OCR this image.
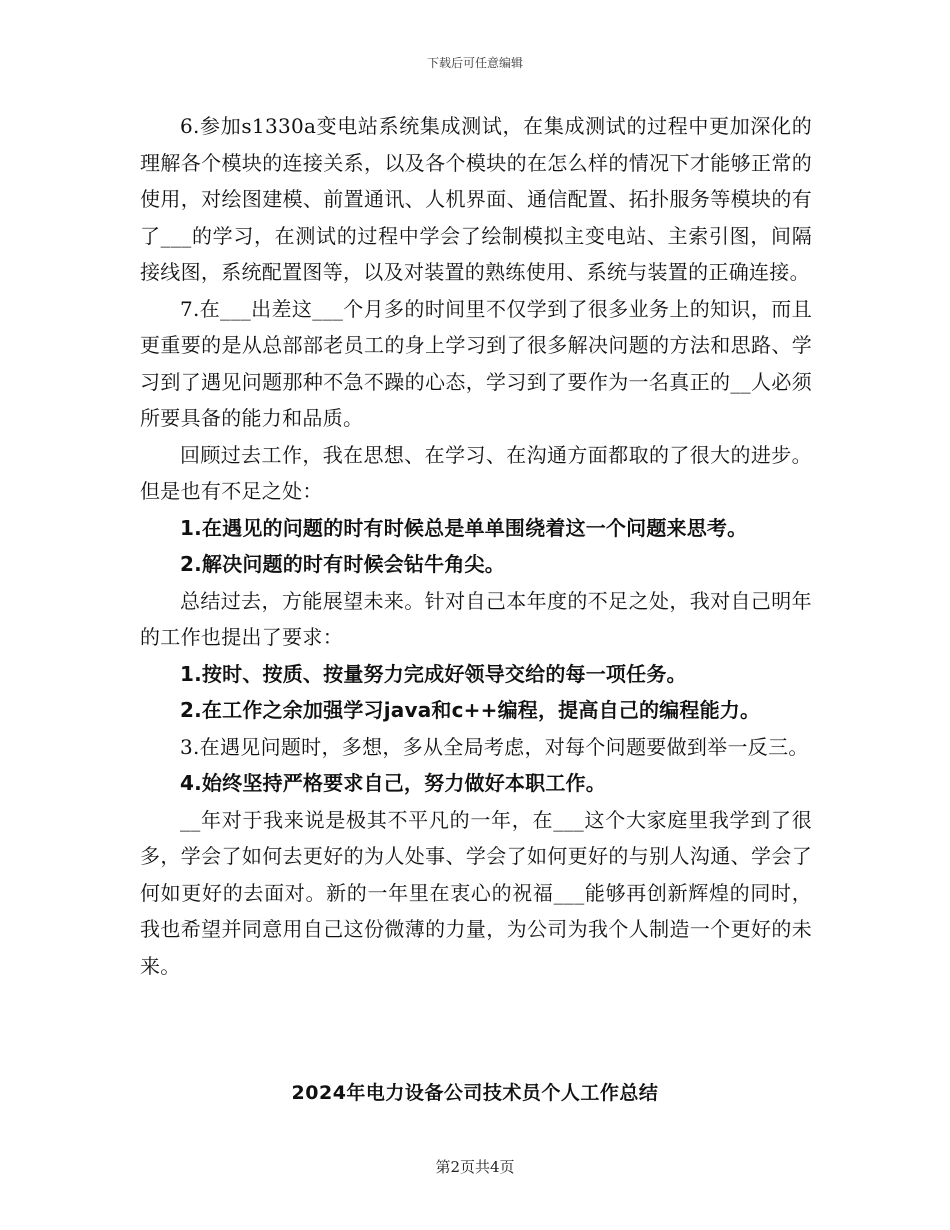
下载后可任意编辑

6.参加s1330a变电站系统集成测试，在集成测试的过程中更加深化的理解各个模块的连接关系，以及各个模块的在怎么样的情况下才能够正常的使用，对绘图建模、前置通讯、人机界面、通信配置、拓扑服务等模块的有了___的学习，在测试的过程中学会了绘制模拟主变电站、主索引图，间隔接线图，系统配置图等，以及对装置的熟练使用、系统与装置的正确连接。

7.在___出差这___个月多的时间里不仅学到了很多业务上的知识，而且更重要的是从总部部老员工的身上学习到了很多解决问题的方法和思路、学习到了遇见问题那种不急不躁的心态，学习到了要作为一名真正的__人必须所要具备的能力和品质。

回顾过去工作，我在思想、在学习、在沟通方面都取的了很大的进步。但是也有不足之处：

1.在遇见的问题的时有时候总是单单围绕着这一个问题来思考。

2.解决问题的时有时候会钻牛角尖。

总结过去，方能展望未来。针对自己本年度的不足之处，我对自己明年的工作也提出了要求：

1.按时、按质、按量努力完成好领导交给的每一项任务。

2.在工作之余加强学习java和c++编程，提高自己的编程能力。

3.在遇见问题时，多想，多从全局考虑，对每个问题要做到举一反三。

4.始终坚持严格要求自己，努力做好本职工作。

__年对于我来说是极其不平凡的一年，在___这个大家庭里我学到了很多，学会了如何去更好的为人处事、学会了如何更好的与别人沟通、学会了何如更好的去面对。新的一年里在衷心的祝福___能够再创新辉煌的同时，我也希望并同意用自己这份微薄的力量，为公司为我个人制造一个更好的未来。

2024年电力设备公司技术员个人工作总结
第2页共4页
